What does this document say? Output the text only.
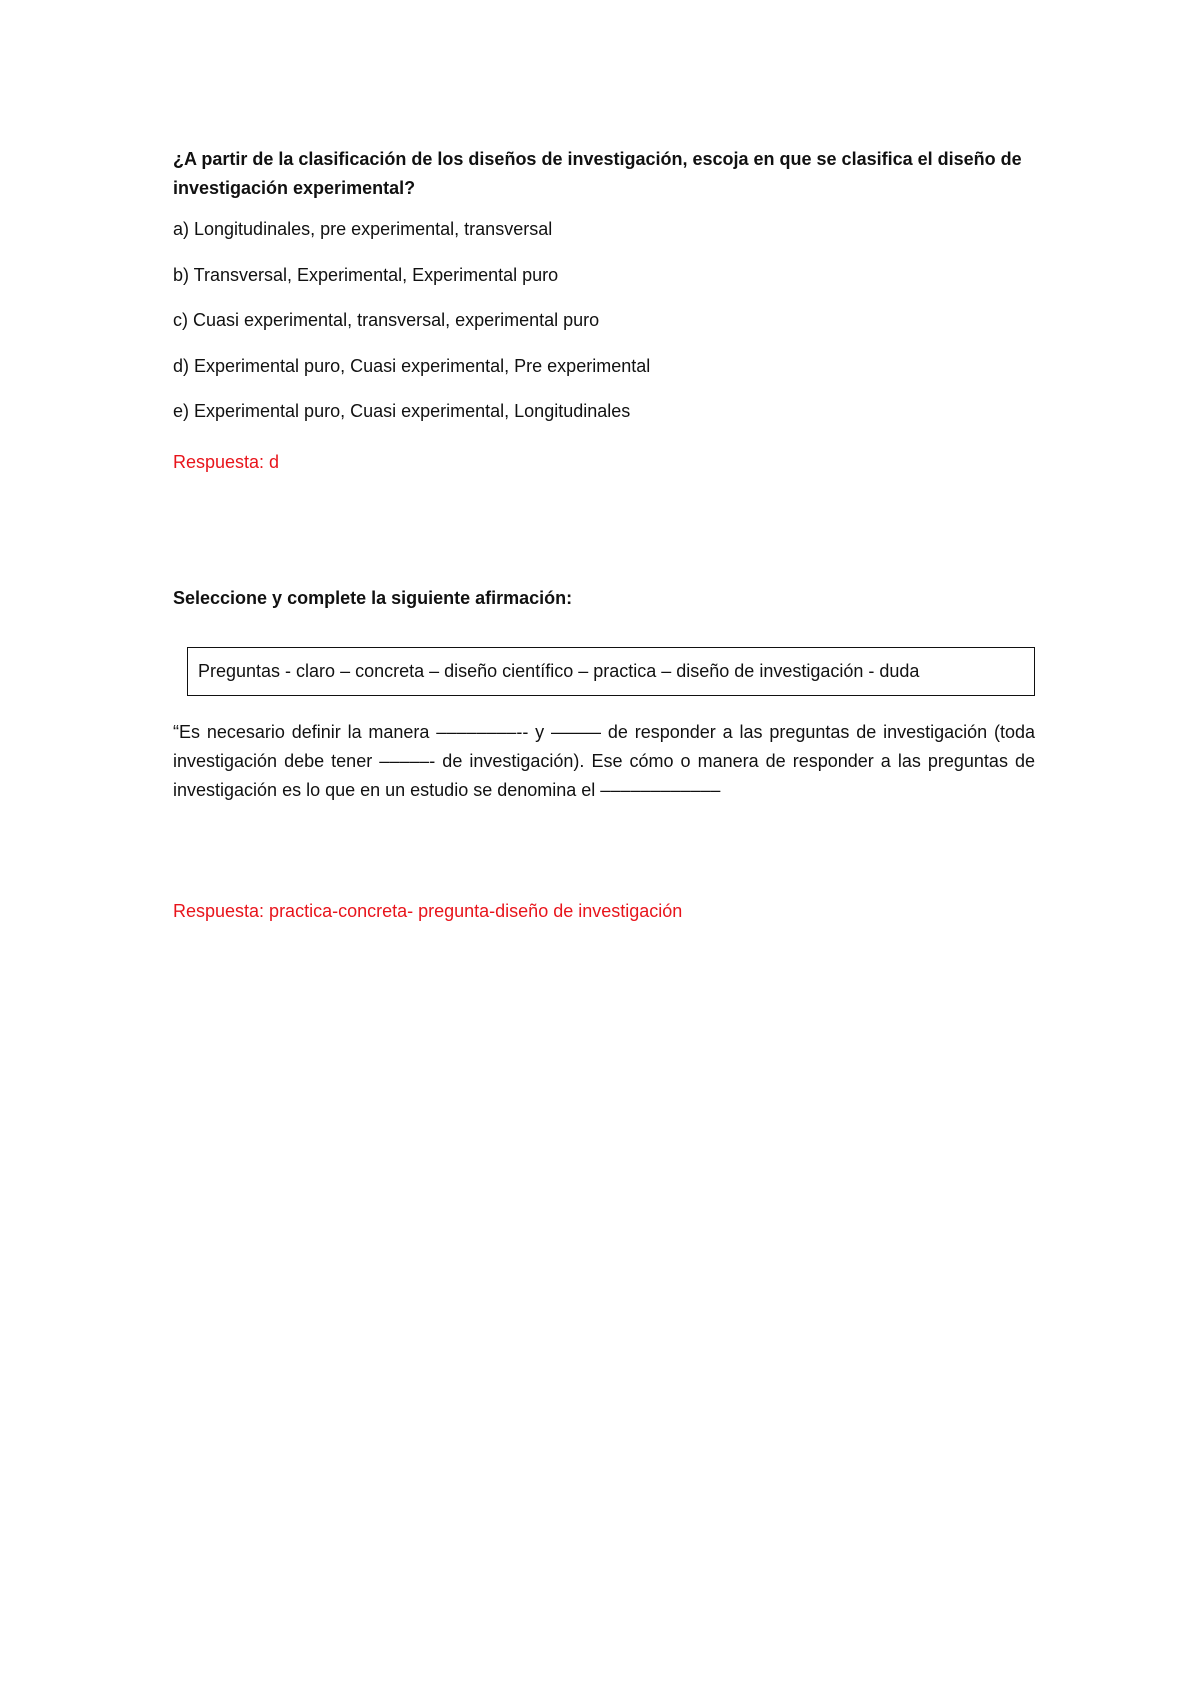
¿A partir de la clasificación de los diseños de investigación, escoja en que se clasifica el diseño de investigación experimental?

a) Longitudinales, pre experimental, transversal
b) Transversal, Experimental, Experimental puro
c) Cuasi experimental, transversal, experimental puro
d) Experimental puro, Cuasi experimental, Pre experimental
e) Experimental puro, Cuasi experimental, Longitudinales
Respuesta: d

Seleccione y complete la siguiente afirmación:

Preguntas - claro – concreta – diseño científico – practica – diseño de investigación - duda

“Es necesario definir la manera ––––––––-- y ––––– de responder a las preguntas de investigación (toda investigación debe tener –––––- de investigación). Ese cómo o manera de responder a las preguntas de investigación es lo que en un estudio se denomina el ––––––––––––

Respuesta: practica-concreta- pregunta-diseño de investigación
